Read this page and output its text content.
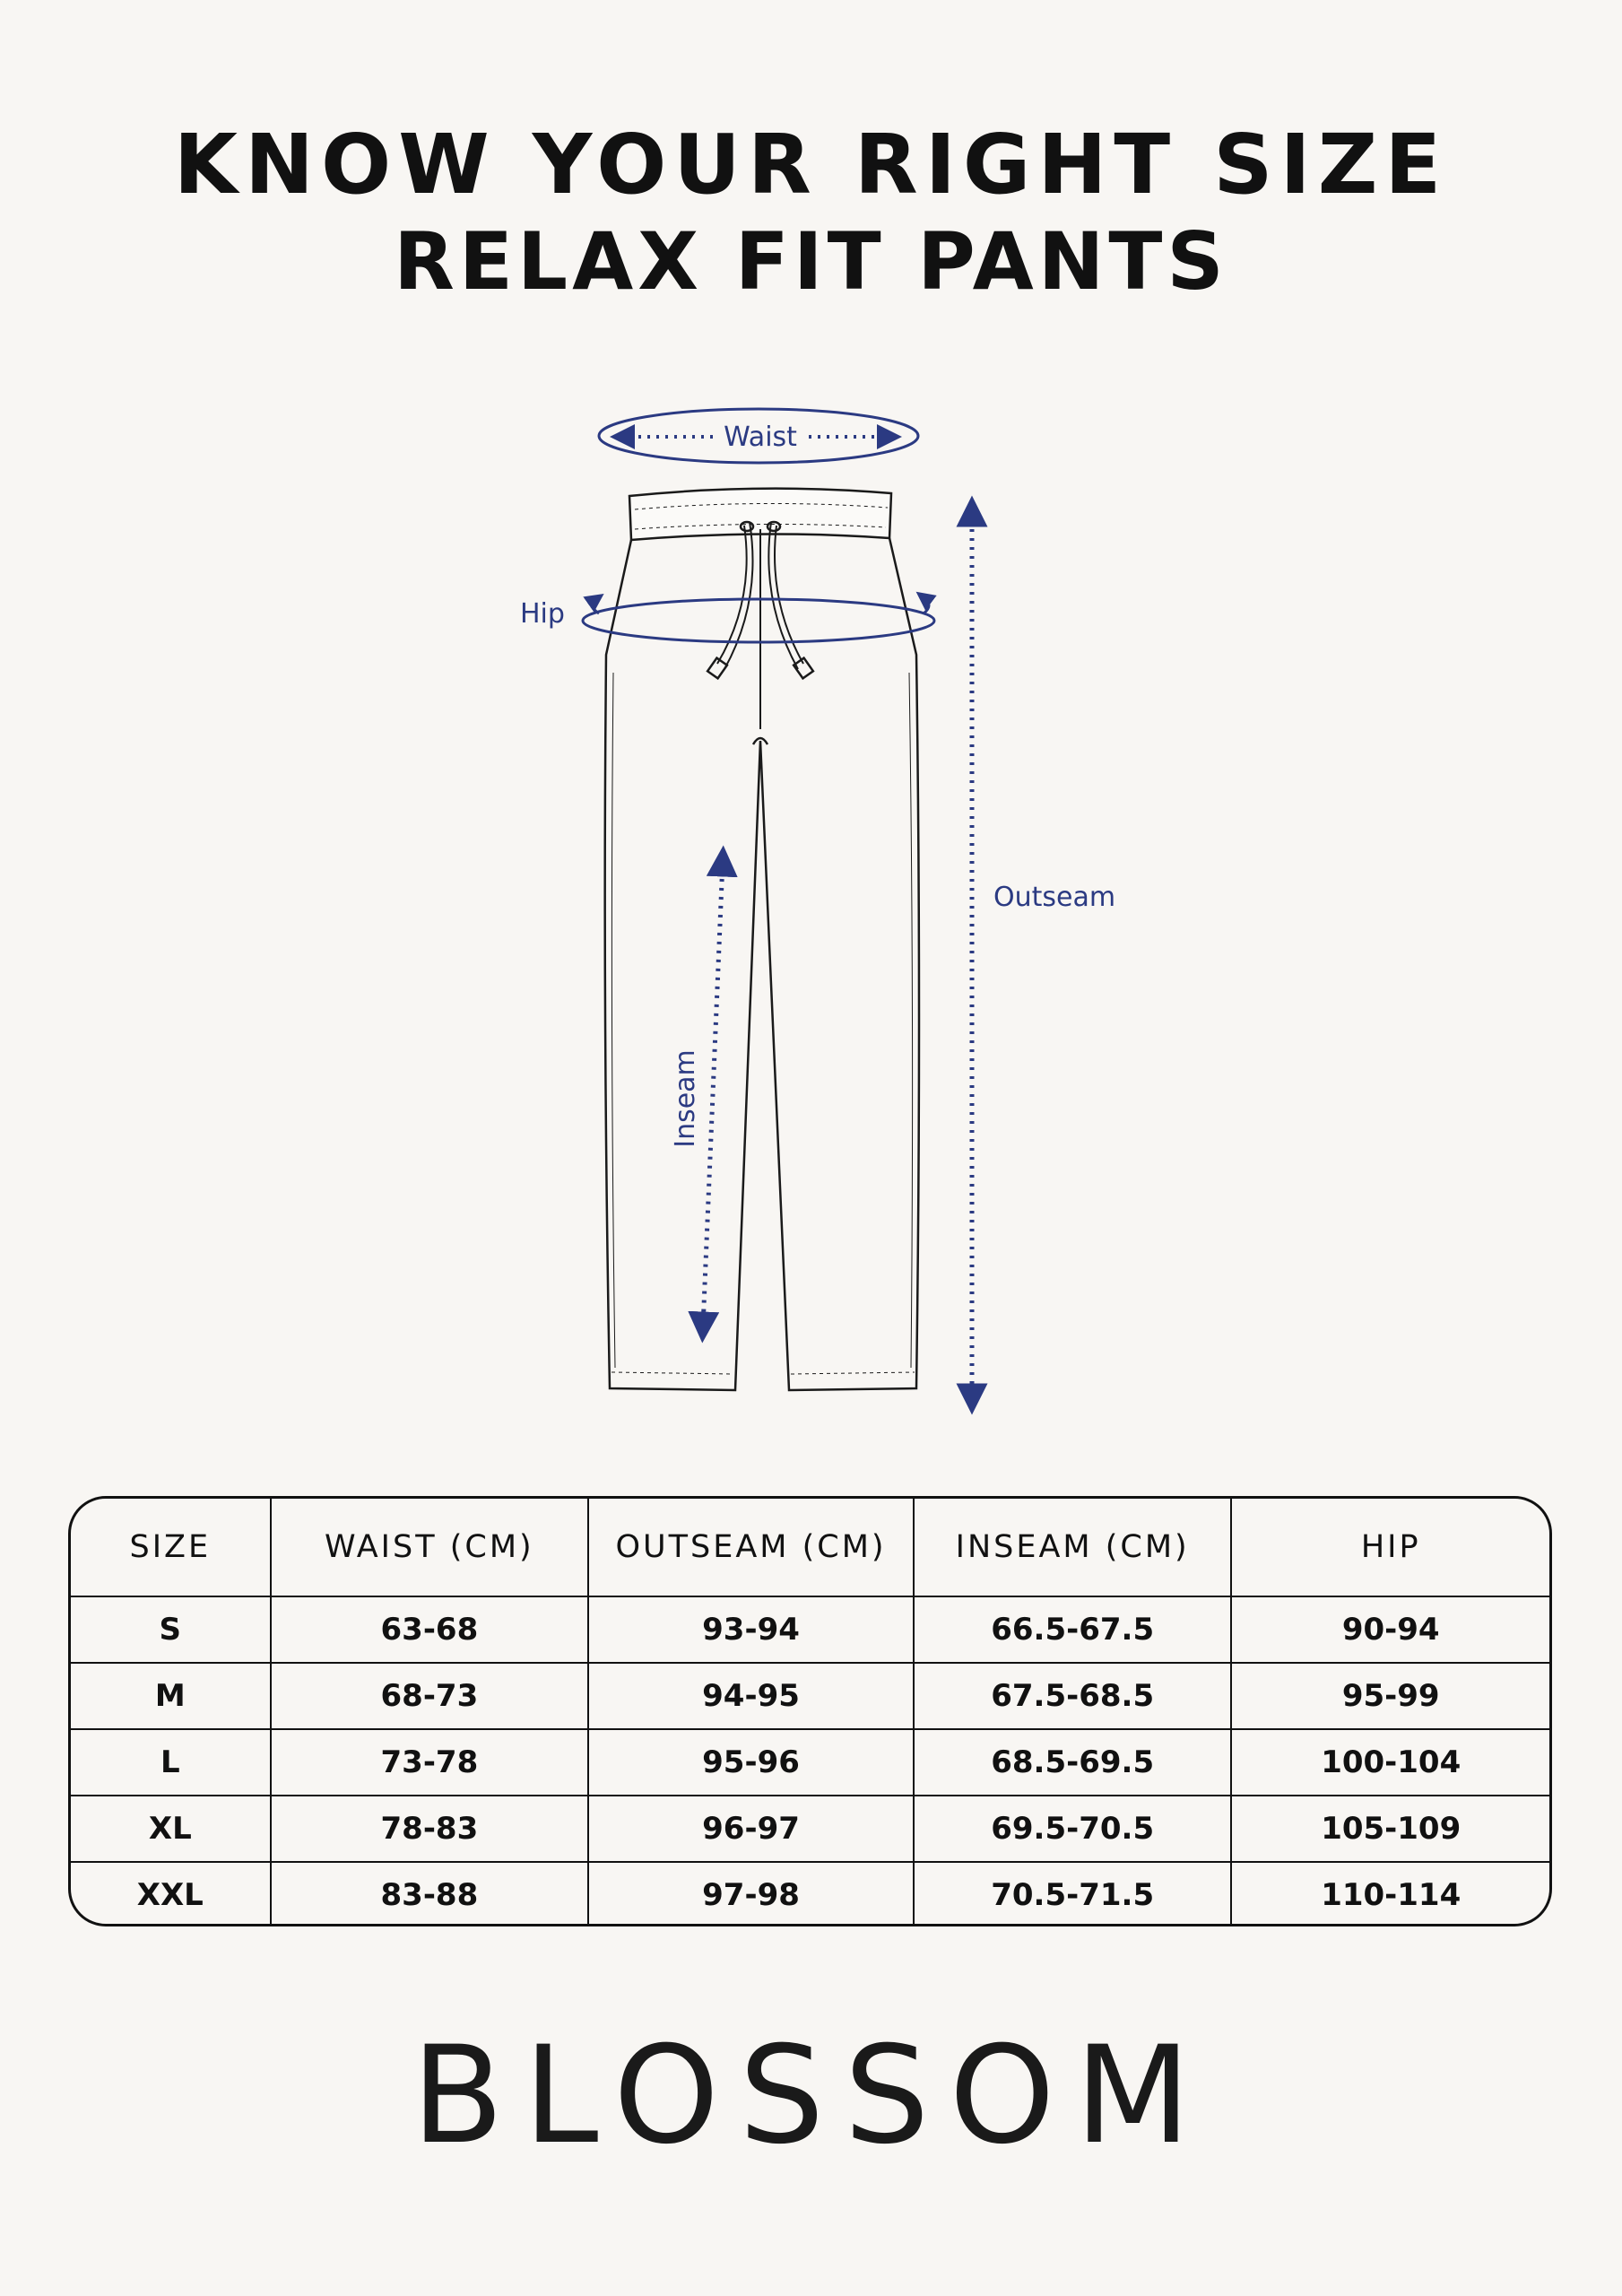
KNOW YOUR RIGHT SIZE
RELAX FIT PANTS
Waist
Hip
Outseam
Inseam
SIZE	WAIST (CM)	OUTSEAM (CM)	INSEAM (CM)	HIP
S	63-68	93-94	66.5-67.5	90-94
M	68-73	94-95	67.5-68.5	95-99
L	73-78	95-96	68.5-69.5	100-104
XL	78-83	96-97	69.5-70.5	105-109
XXL	83-88	97-98	70.5-71.5	110-114
BLOSSOM
